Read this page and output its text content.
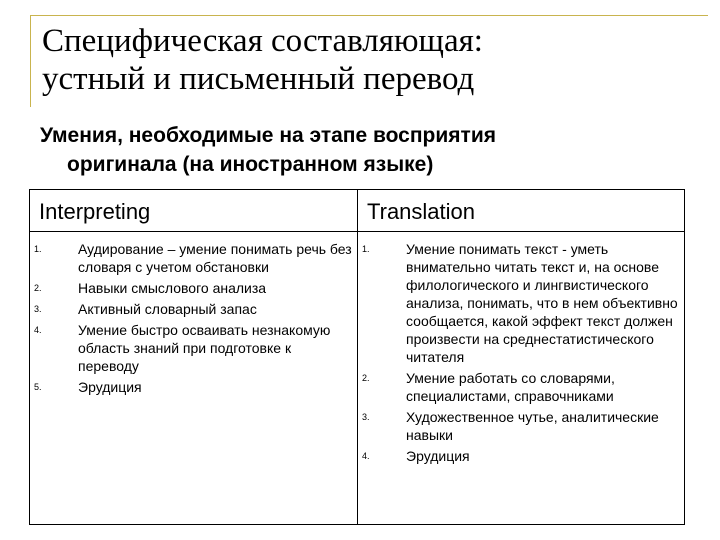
Специфическая составляющая:
устный и письменный перевод
Умения, необходимые на этапе восприятия
оригинала (на иностранном языке)
Interpreting	Translation
1.	Аудирование – умение понимать речь без словаря с учетом обстановки
2.	Навыки смыслового анализа
3.	Активный словарный запас
4.	Умение быстро осваивать незнакомую область знаний при подготовке к переводу
5.	Эрудиция
1.	Умение понимать текст - уметь внимательно читать текст и, на основе филологического и лингвистического анализа, понимать, что в нем объективно сообщается, какой эффект текст должен произвести на среднестатистического читателя
2.	Умение работать со словарями, специалистами, справочниками
3.	Художественное чутье, аналитические навыки
4.	Эрудиция
